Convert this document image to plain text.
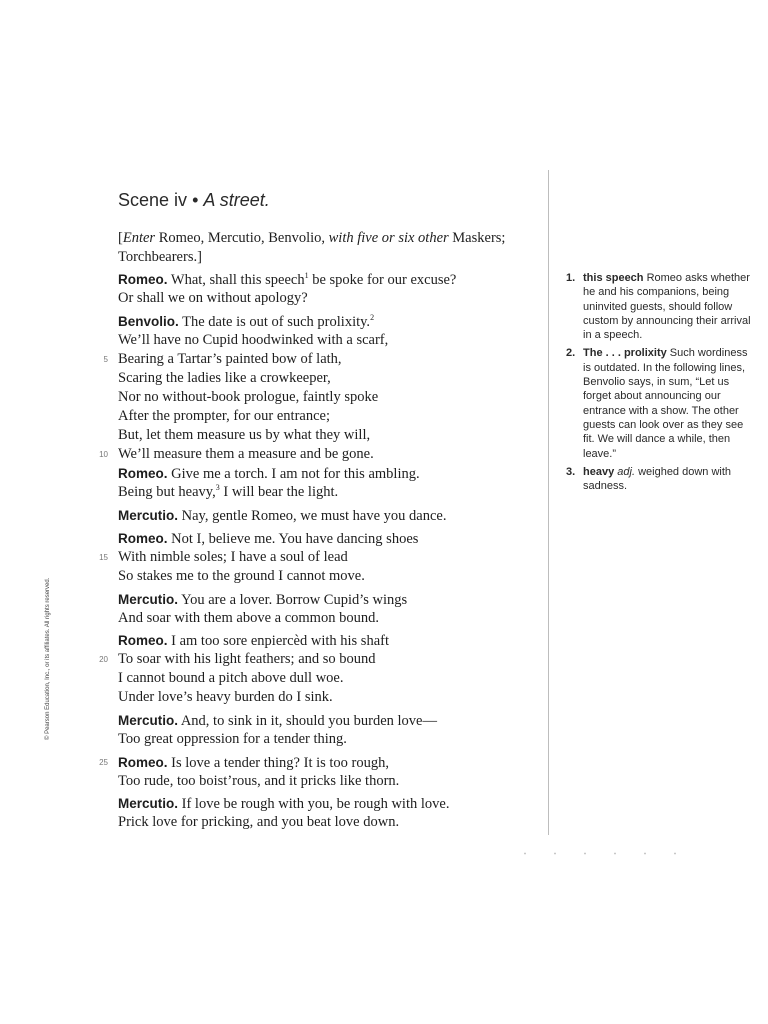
Scene iv • A street.
[Enter Romeo, Mercutio, Benvolio, with five or six other Maskers;
Torchbearers.]
Romeo. What, shall this speech$^1$ be spoke for our excuse?
Or shall we on without apology?
Benvolio. The date is out of such prolixity.$^2$
We’ll have no Cupid hoodwinked with a scarf,
5 Bearing a Tartar’s painted bow of lath,
Scaring the ladies like a crowkeeper,
Nor no without-book prologue, faintly spoke
After the prompter, for our entrance;
But, let them measure us by what they will,
10 We’ll measure them a measure and be gone.
Romeo. Give me a torch. I am not for this ambling.
Being but heavy,$^3$ I will bear the light.
Mercutio. Nay, gentle Romeo, we must have you dance.
Romeo. Not I, believe me. You have dancing shoes
15 With nimble soles; I have a soul of lead
So stakes me to the ground I cannot move.
Mercutio. You are a lover. Borrow Cupid’s wings
And soar with them above a common bound.
Romeo. I am too sore enpiercèd with his shaft
20 To soar with his light feathers; and so bound
I cannot bound a pitch above dull woe.
Under love’s heavy burden do I sink.
Mercutio. And, to sink in it, should you burden love—
Too great oppression for a tender thing.
25 Romeo. Is love a tender thing? It is too rough,
Too rude, too boist’rous, and it pricks like thorn.
Mercutio. If love be rough with you, be rough with love.
Prick love for pricking, and you beat love down.
1. this speech Romeo asks whether he and his companions, being uninvited guests, should follow custom by announcing their arrival in a speech.
2. The . . . prolixity Such wordiness is outdated. In the following lines, Benvolio says, in sum, “Let us forget about announcing our entrance with a show. The other guests can look over as they see fit. We will dance a while, then leave.”
3. heavy adj. weighed down with sadness.
© Pearson Education, Inc., or its affiliates. All rights reserved.
